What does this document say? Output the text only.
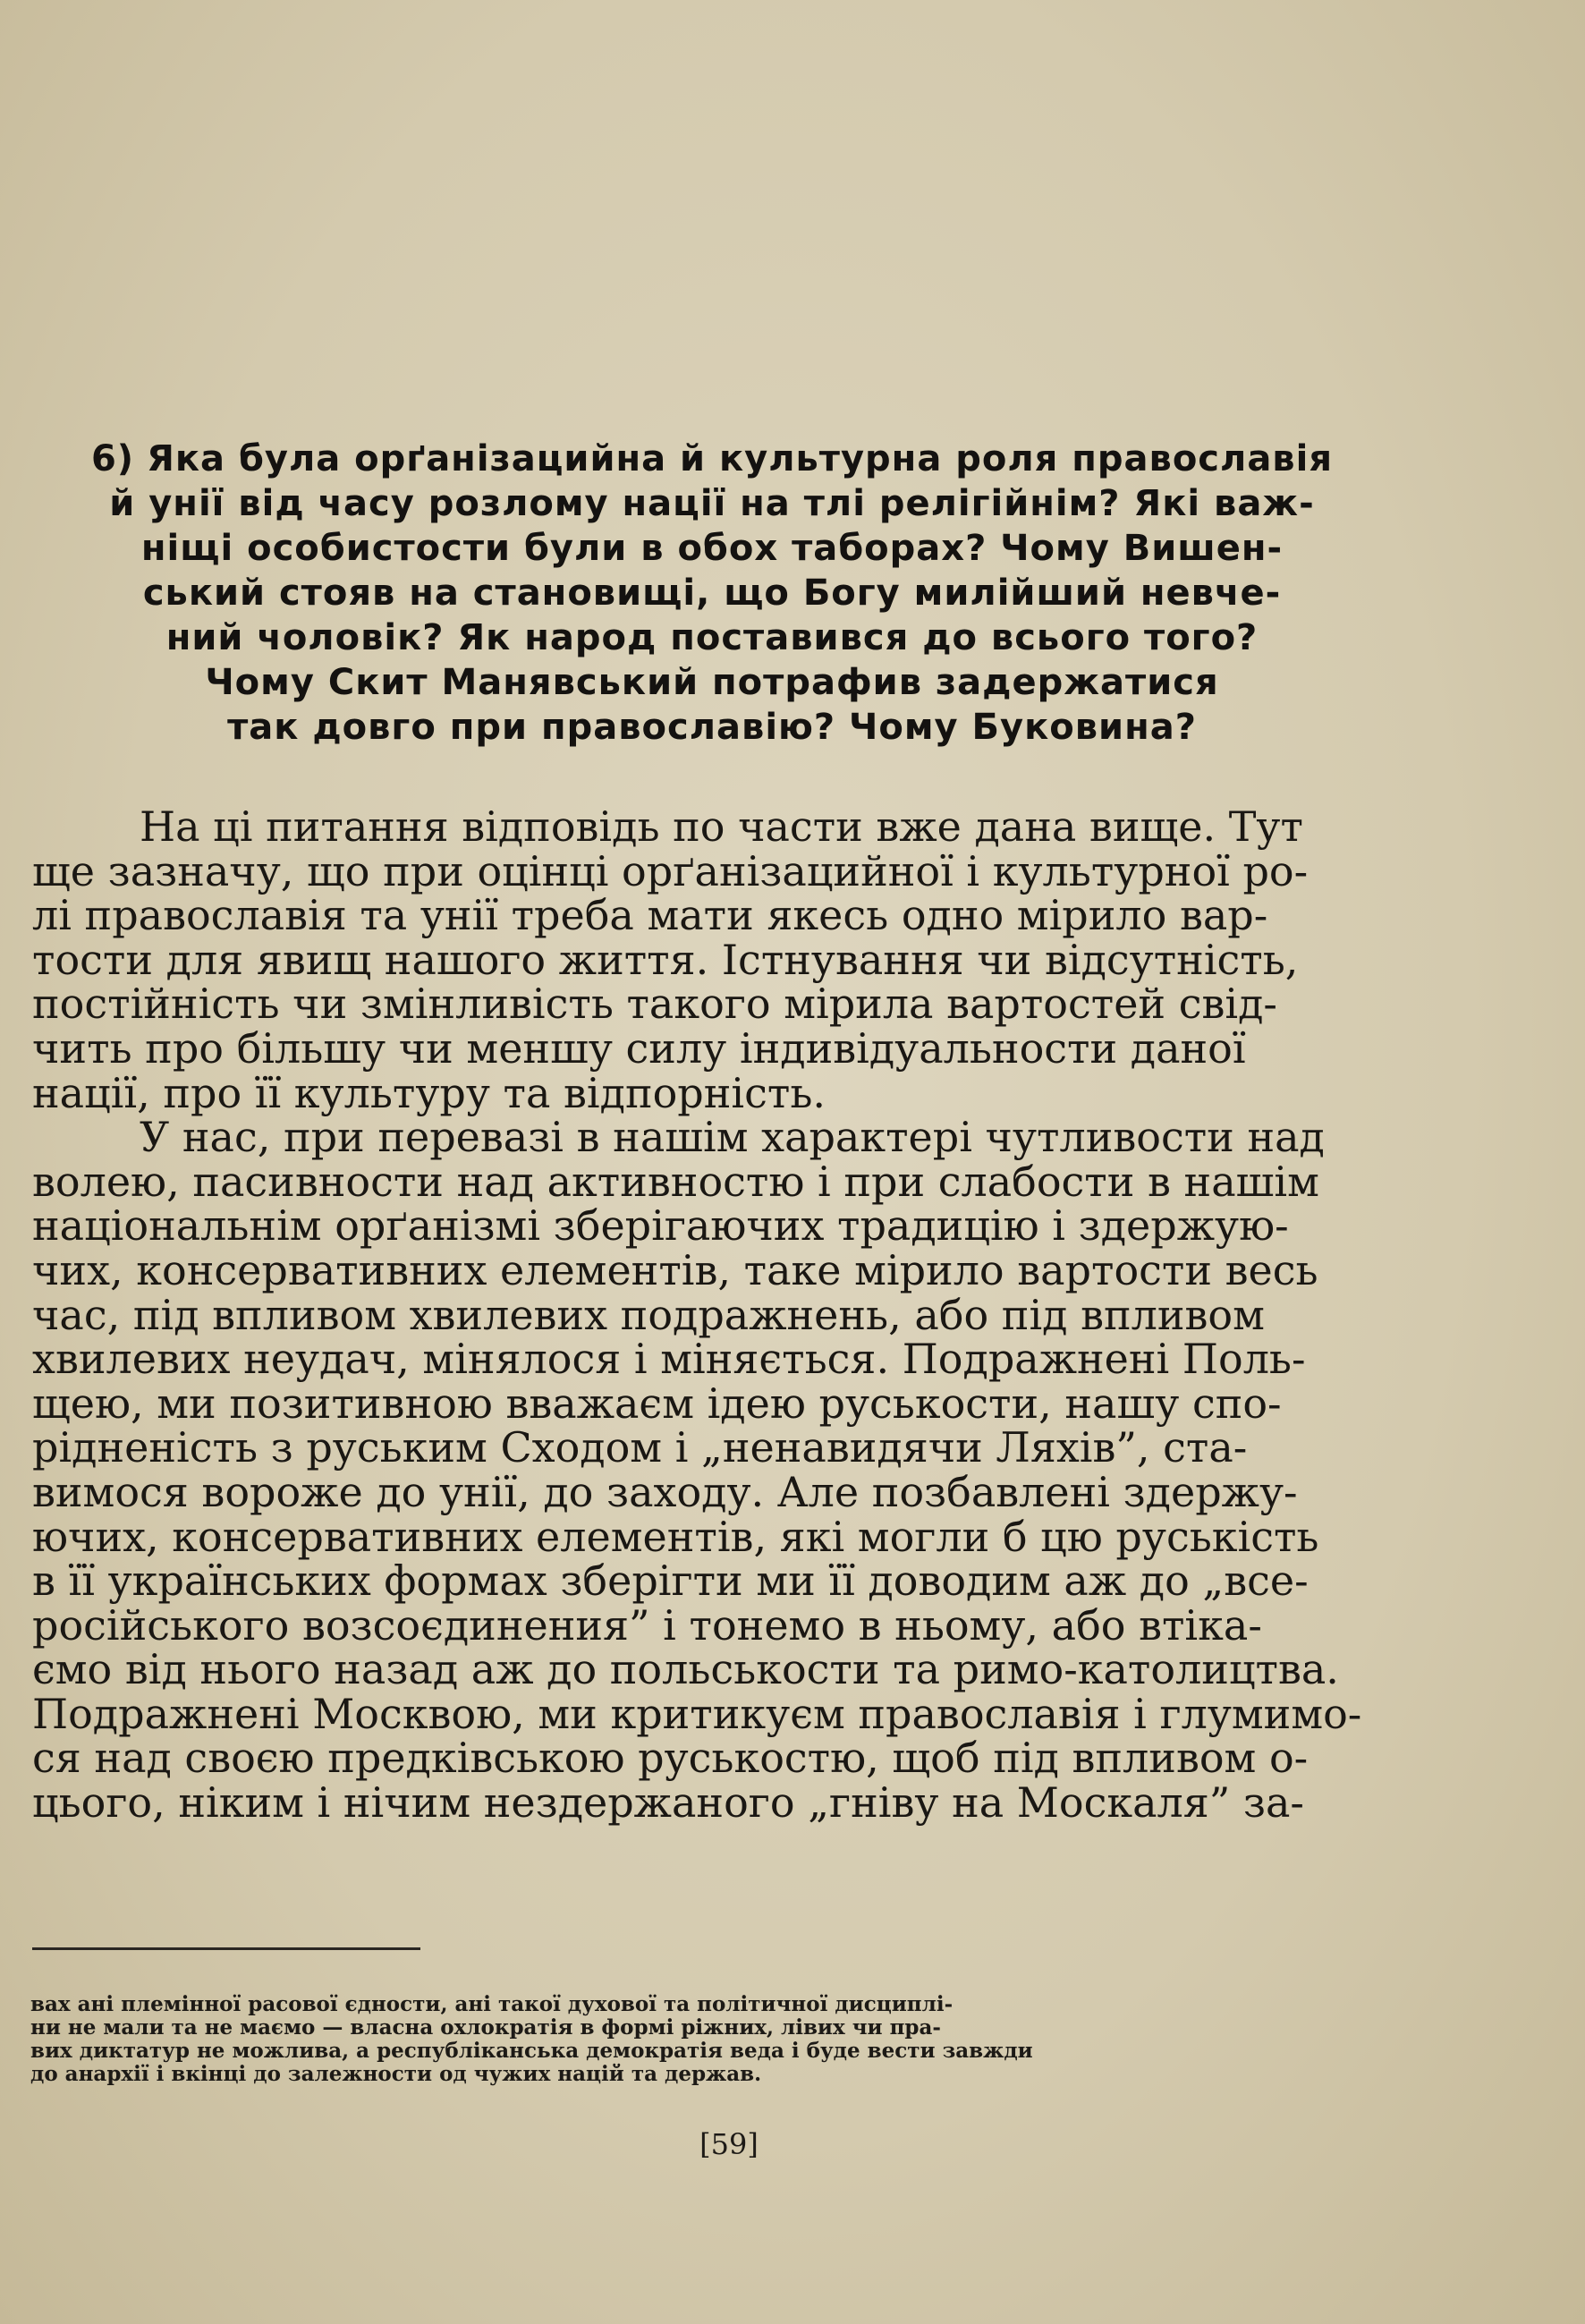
6) Яка була орґанізацийна й культурна роля православія
й унії від часу розлому нації на тлі релігійнім? Які важ-
ніщі особистости були в обох таборах? Чому Вишен-
ський стояв на становищі, що Богу милійший невче-
ний чоловік? Як народ поставився до всього того?
Чому Скит Манявський потрафив задержатися
так довго при православію? Чому Буковина?
На ці питання відповідь по части вже дана вище. Тут
ще зазначу, що при оцінці орґанізацийної і культурної ро-
лі православія та унії треба мати якесь одно мірило вар-
тости для явищ нашого життя. Істнування чи відсутність,
постійність чи змінливість такого мірила вартостей свід-
чить про більшу чи меншу силу індивідуальности даної
нації, про її культуру та відпорність.
У нас, при перевазі в нашім характері чутливости над
волею, пасивности над активностю і при слабости в нашім
національнім орґанізмі зберігаючих традицію і здержую-
чих, консервативних елементів, таке мірило вартости весь
час, під впливом хвилевих подражнень, або під впливом
хвилевих неудач, мінялося і міняється. Подражнені Поль-
щею, ми позитивною вважаєм ідею руськости, нашу спо-
рідненість з руським Сходом і „ненавидячи Ляхів”, ста-
вимося вороже до унії, до заходу. Але позбавлені здержу-
ючих, консервативних елементів, які могли б цю руськість
в її українських формах зберігти ми її доводим аж до „все-
російського возсоєдинения” і тонемо в ньому, або втіка-
ємо від нього назад аж до польськости та римо-католицтва.
Подражнені Москвою, ми критикуєм православія і глумимо-
ся над своєю предківською руськостю, щоб під впливом о-
цього, ніким і нічим нездержаного „гніву на Москаля” за-
вах ані племінної расової єдности, ані такої духової та політичної дисциплі-
ни не мали та не маємо — власна охлократія в формі ріжних, лівих чи пра-
вих диктатур не можлива, а республіканська демократія веда і буде вести завжди
до анархії і вкінці до залежности од чужих націй та держав.
[59]
